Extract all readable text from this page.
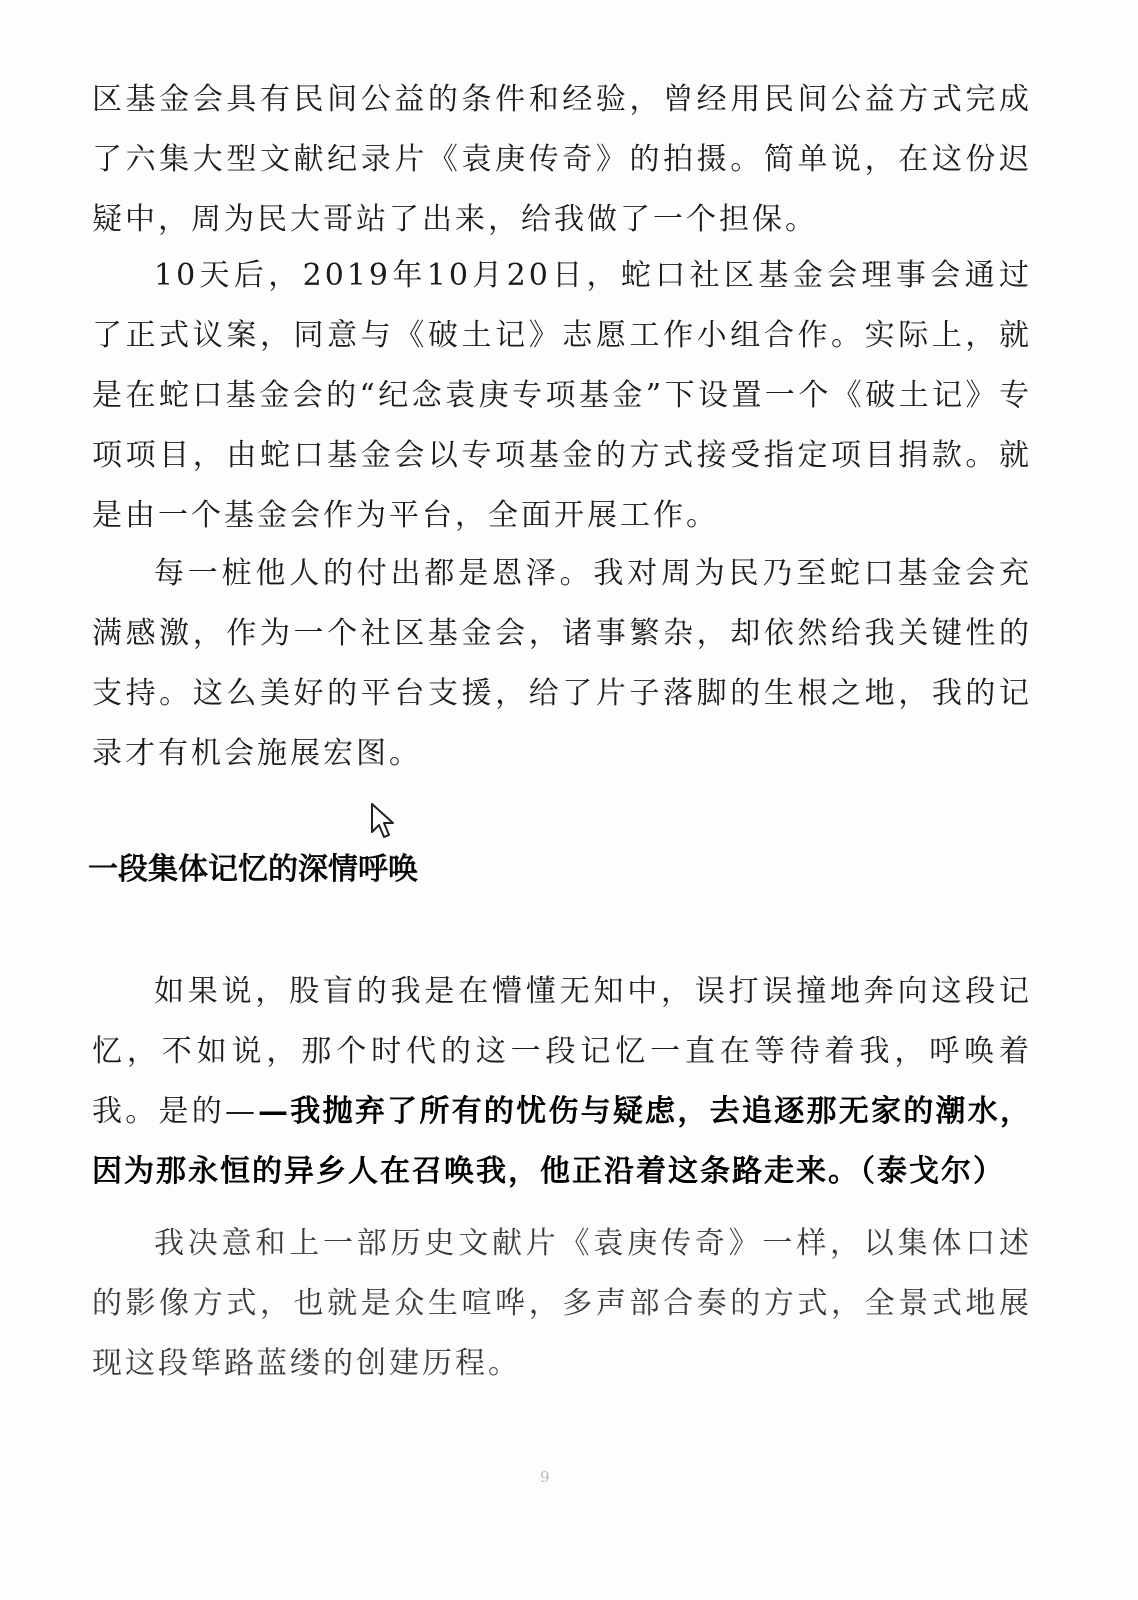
区基金会具有民间公益的条件和经验，曾经用民间公益方式完成了六集大型文献纪录片《袁庚传奇》的拍摄。简单说，在这份迟疑中，周为民大哥站了出来，给我做了一个担保。
10天后，2019年10月20日，蛇口社区基金会理事会通过了正式议案，同意与《破土记》志愿工作小组合作。实际上，就是在蛇口基金会的“纪念袁庚专项基金”下设置一个《破土记》专项项目，由蛇口基金会以专项基金的方式接受指定项目捐款。就是由一个基金会作为平台，全面开展工作。
每一桩他人的付出都是恩泽。我对周为民乃至蛇口基金会充满感激，作为一个社区基金会，诸事繁杂，却依然给我关键性的支持。这么美好的平台支援，给了片子落脚的生根之地，我的记录才有机会施展宏图。
一段集体记忆的深情呼唤
如果说，股盲的我是在懵懂无知中，误打误撞地奔向这段记忆，不如说，那个时代的这一段记忆一直在等待着我，呼唤着我。是的——我抛弃了所有的忧伤与疑虑，去追逐那无家的潮水，因为那永恒的异乡人在召唤我，他正沿着这条路走来。（泰戈尔）
我决意和上一部历史文献片《袁庚传奇》一样，以集体口述的影像方式，也就是众生喧哗，多声部合奏的方式，全景式地展现这段筚路蓝缕的创建历程。
9
